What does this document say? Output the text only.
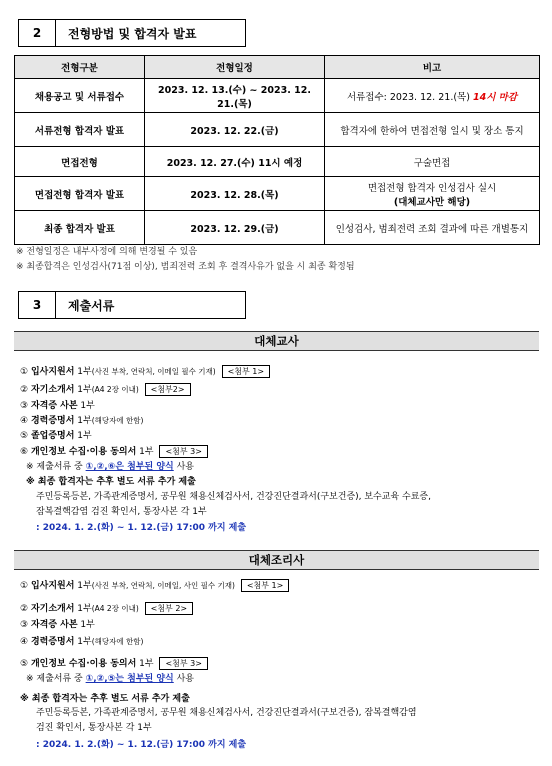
2	전형방법 및 합격자 발표
전형구분	전형일정	비고
채용공고 및 서류접수	2023. 12. 13.(수) ~ 2023. 12. 21.(목)	서류접수: 2023. 12. 21.(목) 14시 마감
서류전형 합격자 발표	2023. 12. 22.(금)	합격자에 한하여 면접전형 일시 및 장소 통지
면접전형	2023. 12. 27.(수) 11시 예정	구술면접
면접전형 합격자 발표	2023. 12. 28.(목)	면접전형 합격자 인성검사 실시
(대체교사만 해당)

최종 합격자 발표	2023. 12. 29.(금)	인성검사, 범죄전력 조회 결과에 따른 개별통지
※ 전형일정은 내부사정에 의해 변경될 수 있음
※ 최종합격은 인성검사(71점 이상), 범죄전력 조회 후 결격사유가 없을 시 최종 확정됨
3	제출서류
대체교사
① 입사지원서 1부(사진 부착, 연락처, 이메일 필수 기재) <첨부 1>
② 자기소개서 1부(A4 2장 이내) <첨부2>
③ 자격증 사본 1부
④ 경력증명서 1부(해당자에 한함)
⑤ 졸업증명서 1부
⑥ 개인정보 수집·이용 동의서 1부 <첨부 3>
※ 제출서류 중 ①,②,⑥은 첨부된 양식 사용
※ 최종 합격자는 추후 별도 서류 추가 제출
주민등록등본, 가족관계증명서, 공무원 채용신체검사서, 건강진단결과서(구보건증), 보수교육 수료증,
잠복결핵감염 검진 확인서, 통장사본 각 1부
: 2024. 1. 2.(화) ~ 1. 12.(금) 17:00 까지 제출
대체조리사
① 입사지원서 1부(사진 부착, 연락처, 이메일, 사인 필수 기재) <첨부 1>
② 자기소개서 1부(A4 2장 이내) <첨부 2>
③ 자격증 사본 1부
④ 경력증명서 1부(해당자에 한함)
⑤ 개인정보 수집·이용 동의서 1부 <첨부 3>
※ 제출서류 중 ①,②,⑤는 첨부된 양식 사용
※ 최종 합격자는 추후 별도 서류 추가 제출
주민등록등본, 가족관계증명서, 공무원 채용신체검사서, 건강진단결과서(구보건증), 잠복결핵감염
검진 확인서, 통장사본 각 1부
: 2024. 1. 2.(화) ~ 1. 12.(금) 17:00 까지 제출
